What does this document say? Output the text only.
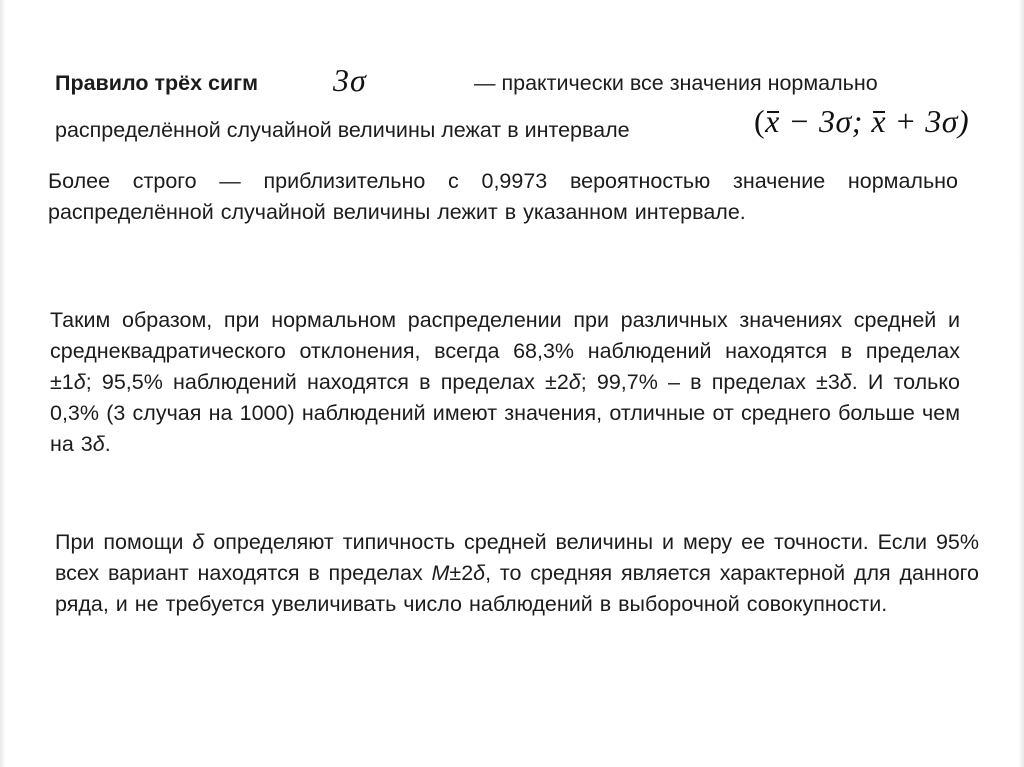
Правило трёх сигм 3σ	— практически все значения нормально

распределённой случайной величины лежат в интервале	(x − 3σ; x + 3σ)

Более строго — приблизительно с 0,9973 вероятностью значение нормально распределённой случайной величины лежит в указанном интервале.

Таким образом, при нормальном распределении при различных значениях средней и среднеквадратического отклонения, всегда 68,3% наблюдений находятся в пределах ±1δ; 95,5% наблюдений находятся в пределах ±2δ; 99,7% – в пределах ±3δ. И только 0,3% (3 случая на 1000) наблюдений имеют значения, отличные от среднего больше чем на 3δ.

При помощи δ определяют типичность средней величины и меру ее точности. Если 95% всех вариант находятся в пределах М±2δ, то средняя является характерной для данного ряда, и не требуется увеличивать число наблюдений в выборочной совокупности.
